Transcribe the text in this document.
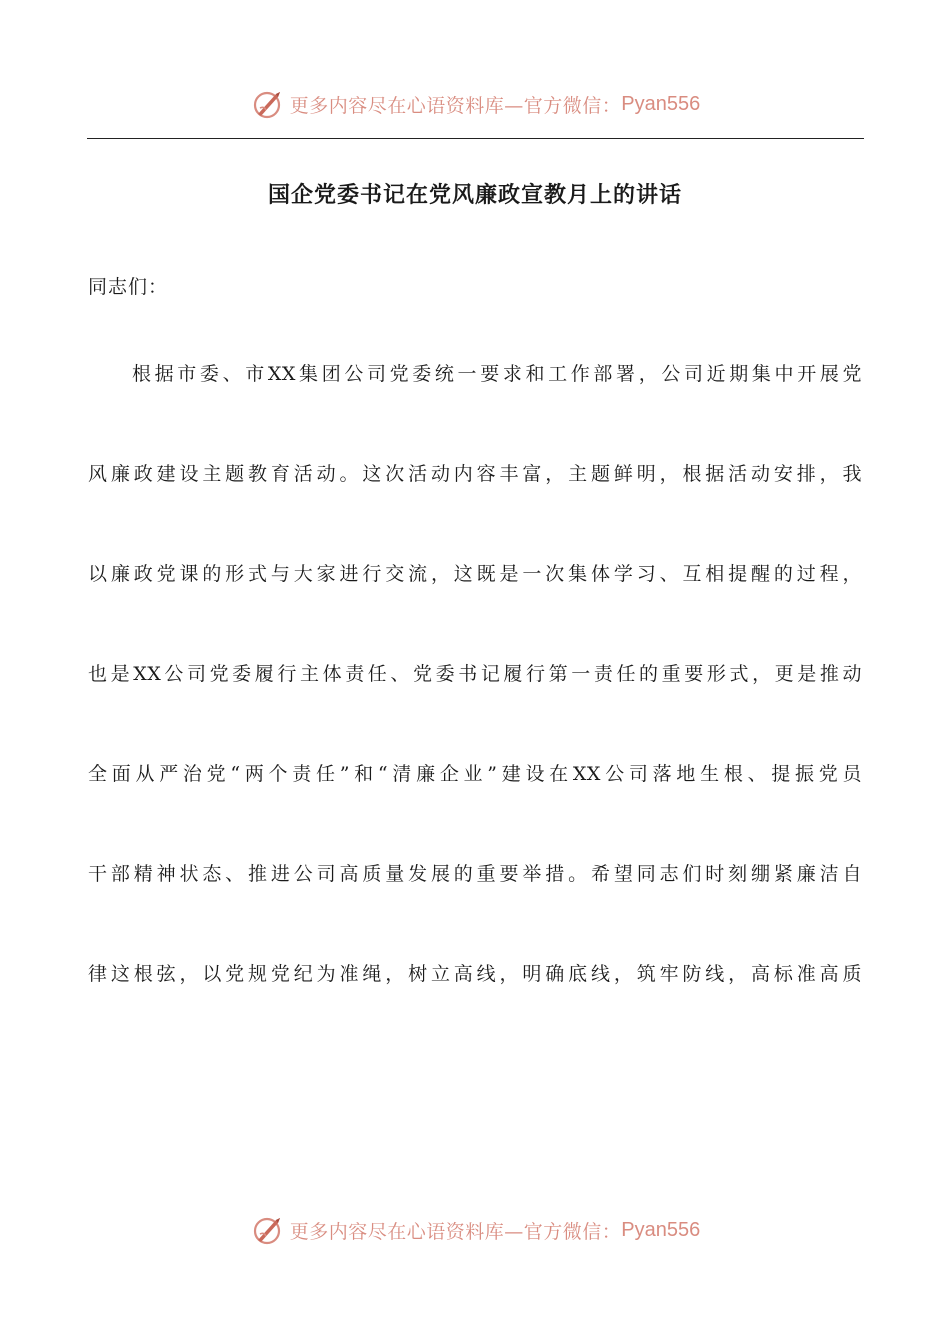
更多内容尽在心语资料库—官方微信： Pyan556
国企党委书记在党风廉政宣教月上的讲话
同志们：
根据市委、市XX集团公司党委统一要求和工作部署，公司近期集中开展党
风廉政建设主题教育活动。这次活动内容丰富，主题鲜明，根据活动安排，我
以廉政党课的形式与大家进行交流，这既是一次集体学习、互相提醒的过程，
也是XX公司党委履行主体责任、党委书记履行第一责任的重要形式，更是推动
全面从严治党“两个责任”和“清廉企业”建设在XX公司落地生根、提振党员
干部精神状态、推进公司高质量发展的重要举措。希望同志们时刻绷紧廉洁自
律这根弦，以党规党纪为准绳，树立高线，明确底线，筑牢防线，高标准高质
更多内容尽在心语资料库—官方微信： Pyan556
